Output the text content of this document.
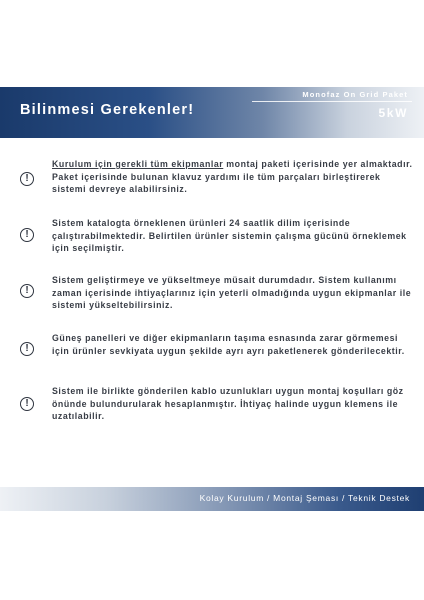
Bilinmesi Gerekenler!
Monofaz On Grid Paket
5kW
!
Kurulum için gerekli tüm ekipmanlar montaj paketi içerisinde yer almaktadır. Paket içerisinde bulunan klavuz yardımı ile tüm parçaları birleştirerek sistemi devreye alabilirsiniz.
!
Sistem katalogta örneklenen ürünleri 24 saatlik dilim içerisinde çalıştırabilmektedir. Belirtilen ürünler sistemin çalışma gücünü örneklemek için seçilmiştir.
!
Sistem geliştirmeye ve yükseltmeye müsait durumdadır. Sistem kullanımı zaman içerisinde ihtiyaçlarınız için yeterli olmadığında uygun ekipmanlar ile sistemi yükseltebilirsiniz.
!
Güneş panelleri ve diğer ekipmanların taşıma esnasında zarar görmemesi için ürünler sevkiyata uygun şekilde ayrı ayrı paketlenerek gönderilecektir.
!
Sistem ile birlikte gönderilen kablo uzunlukları uygun montaj koşulları göz önünde bulundurularak hesaplanmıştır. İhtiyaç halinde uygun klemens ile uzatılabilir.
Kolay Kurulum / Montaj Şeması / Teknik Destek
